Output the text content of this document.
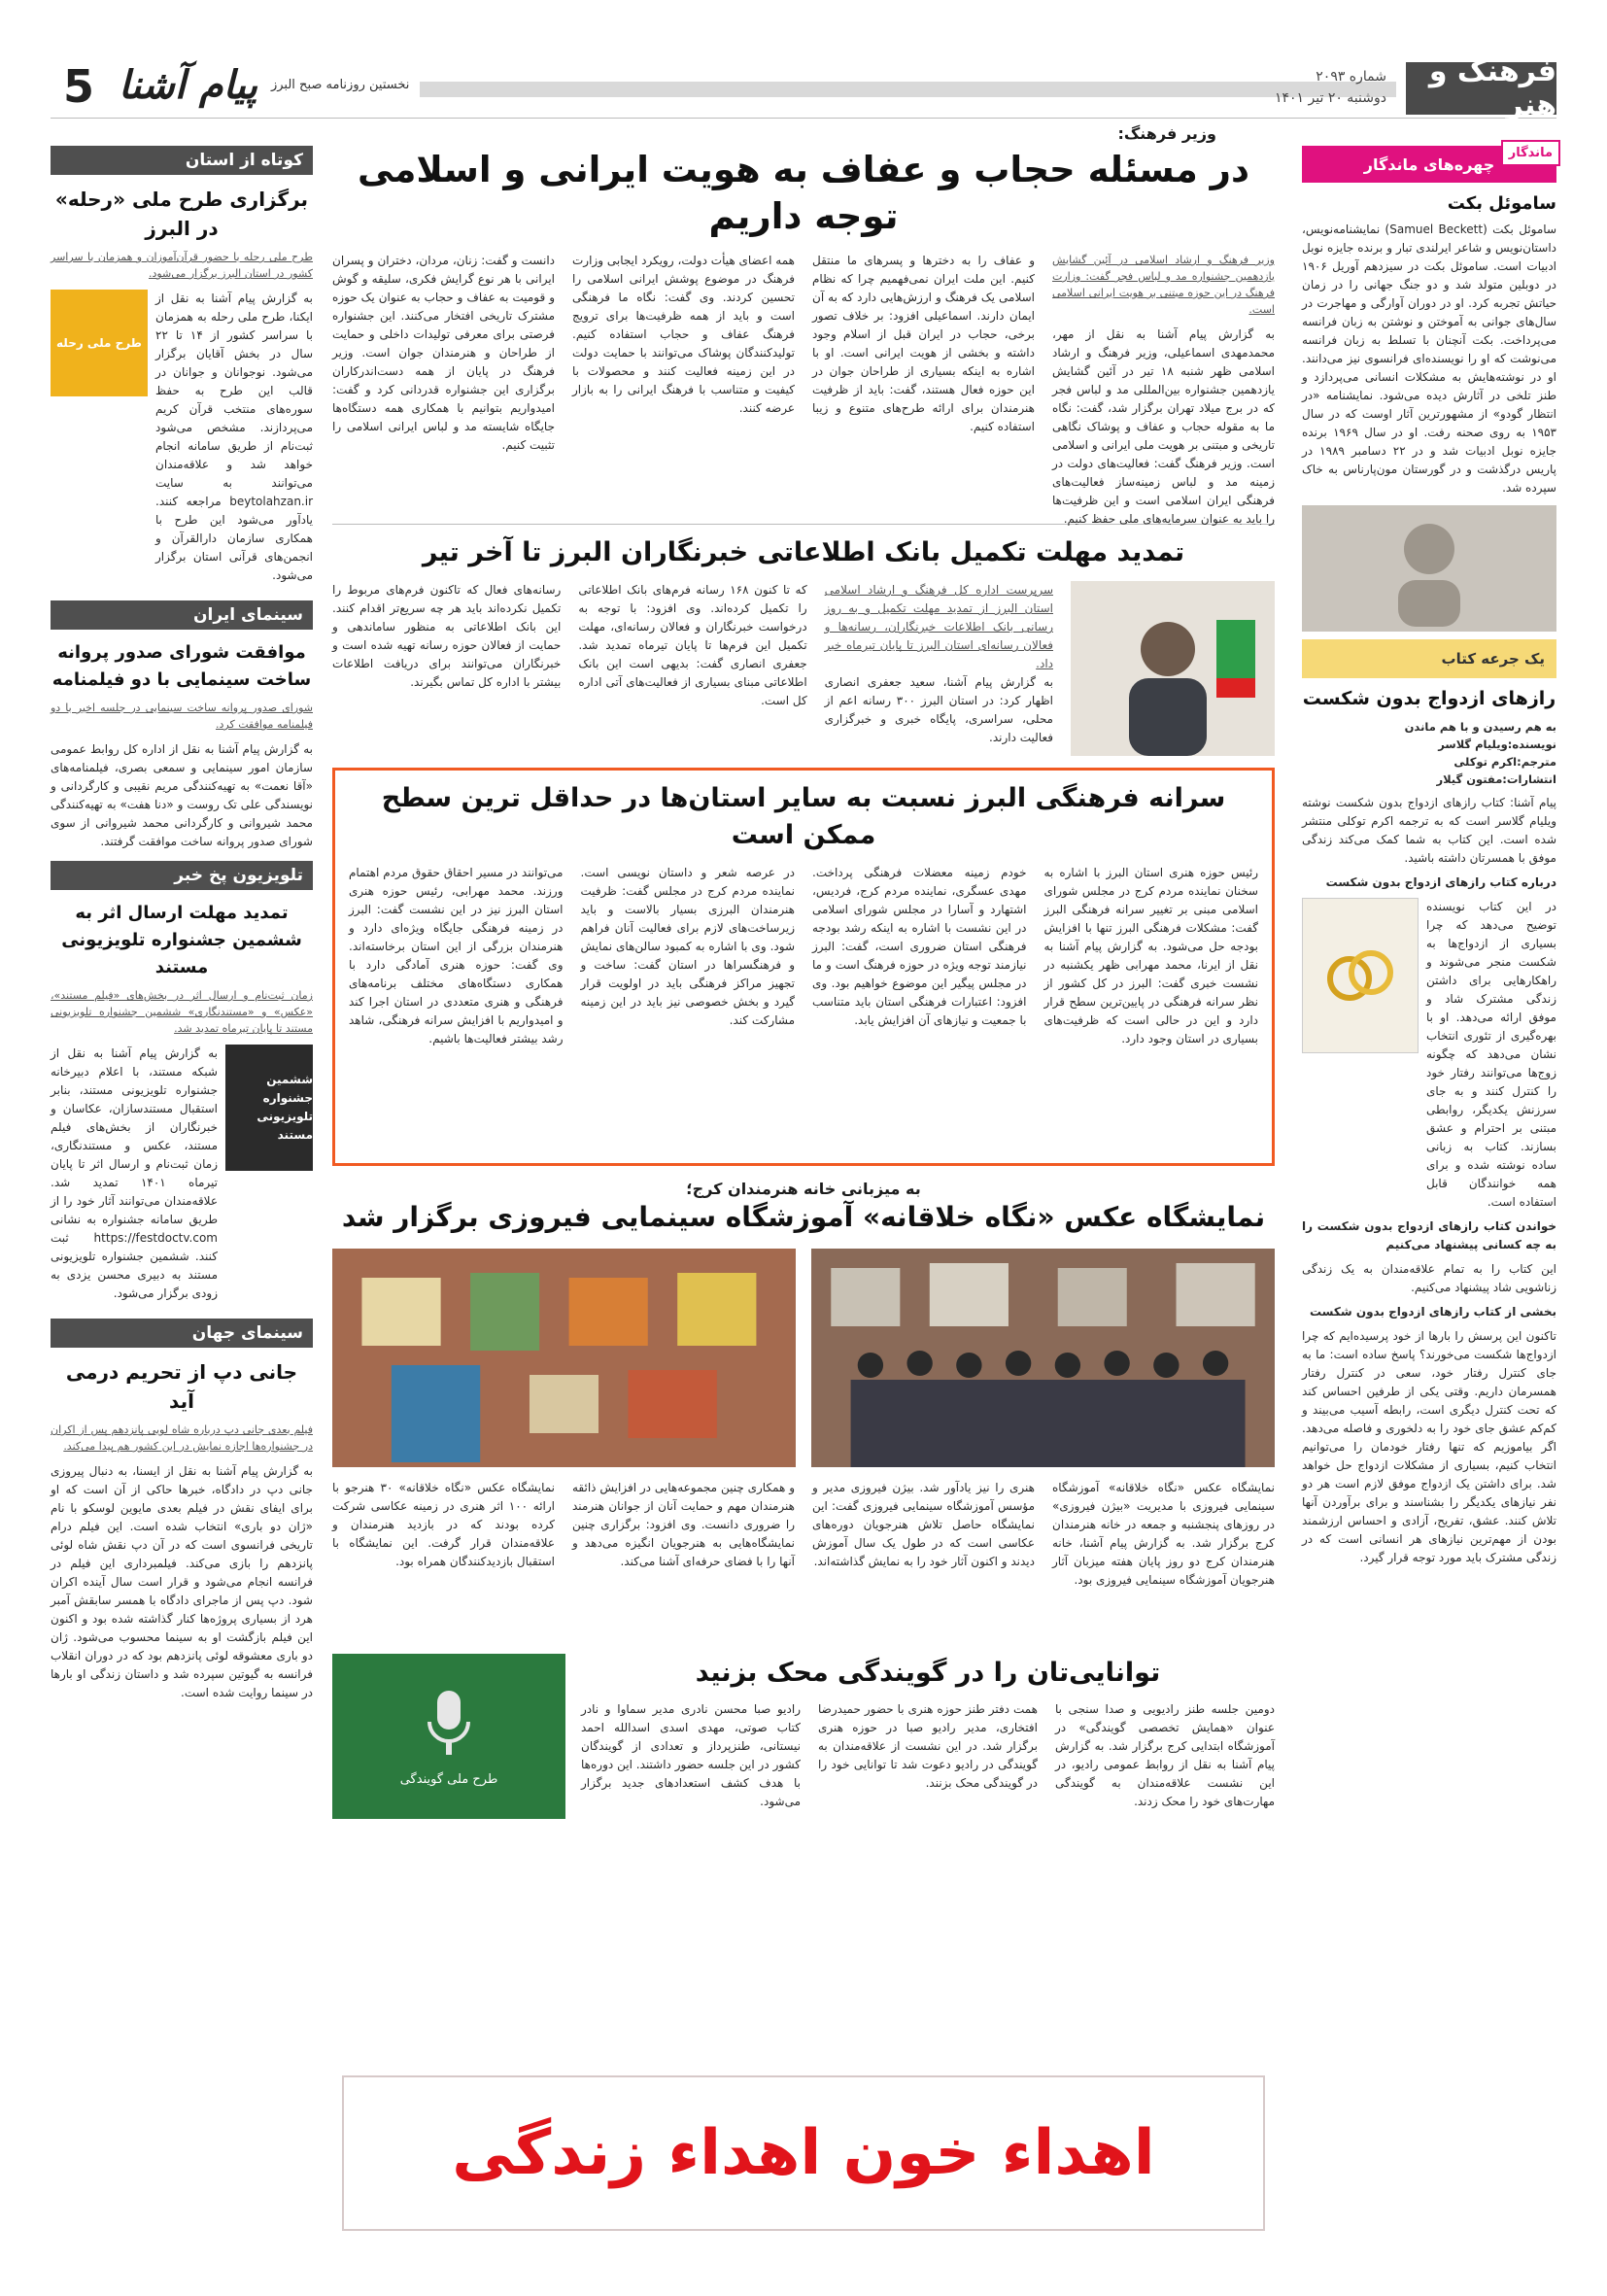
5	نخستین روزنامه صبح البرز
پیام آشنا	شماره ۲۰۹۳
دوشنبه ۲۰ تیر ۱۴۰۱
فرهنگ و هنر
ماندگار
چهره‌های ماندگار
ساموئل بکت

ساموئل بکت (Samuel Beckett) نمایشنامه‌نویس، داستان‌نویس و شاعر ایرلندی تبار و برنده جایزه نوبل ادبیات است. ساموئل بکت در سیزدهم آوریل ۱۹۰۶ در دوبلین متولد شد و دو جنگ جهانی را در زمان حیاتش تجربه کرد. او در دوران آوارگی و مهاجرت در سال‌های جوانی به آموختن و نوشتن به زبان فرانسه می‌پرداخت. بکت آنچنان با تسلط به زبان فرانسه می‌نوشت که او را نویسنده‌ای فرانسوی نیز می‌دانند. او در نوشته‌هایش به مشکلات انسانی می‌پردازد و طنز تلخی در آثارش دیده می‌شود. نمایشنامه «در انتظار گودو» از مشهورترین آثار اوست که در سال ۱۹۵۳ به روی صحنه رفت. او در سال ۱۹۶۹ برنده جایزه نوبل ادبیات شد و در ۲۲ دسامبر ۱۹۸۹ در پاریس درگذشت و در گورستان مون‌پارناس به خاک سپرده شد.

یک جرعه کتاب
رازهای ازدواج بدون شکست

به هم رسیدن و با هم ماندن
نویسنده:ویلیام گلاسر
مترجم:اکرم توکلی
انتشارات:مفتون گیلار

پیام آشنا: کتاب رازهای ازدواج بدون شکست نوشته ویلیام گلاسر است که به ترجمه اکرم توکلی منتشر شده است. این کتاب به شما کمک می‌کند زندگی موفق با همسرتان داشته باشید.

درباره کتاب رازهای ازدواج بدون شکست

در این کتاب نویسنده توضیح می‌دهد که چرا بسیاری از ازدواج‌ها به شکست منجر می‌شوند و راهکارهایی برای داشتن زندگی مشترک شاد و موفق ارائه می‌دهد. او با بهره‌گیری از تئوری انتخاب نشان می‌دهد که چگونه زوج‌ها می‌توانند رفتار خود را کنترل کنند و به جای سرزنش یکدیگر، روابطی مبتنی بر احترام و عشق بسازند. کتاب به زبانی ساده نوشته شده و برای همه خوانندگان قابل استفاده است.

خواندن کتاب رازهای ازدواج بدون شکست را به چه کسانی پیشنهاد می‌کنیم

این کتاب را به تمام علاقه‌مندان به یک زندگی زناشویی شاد پیشنهاد می‌کنیم.

بخشی از کتاب رازهای ازدواج بدون شکست

تاکنون این پرسش را بارها از خود پرسیده‌ایم که چرا ازدواج‌ها شکست می‌خورند؟ پاسخ ساده است: ما به جای کنترل رفتار خود، سعی در کنترل رفتار همسرمان داریم. وقتی یکی از طرفین احساس کند که تحت کنترل دیگری است، رابطه آسیب می‌بیند و کم‌کم عشق جای خود را به دلخوری و فاصله می‌دهد. اگر بیاموزیم که تنها رفتار خودمان را می‌توانیم انتخاب کنیم، بسیاری از مشکلات ازدواج حل خواهد شد. برای داشتن یک ازدواج موفق لازم است هر دو نفر نیازهای یکدیگر را بشناسند و برای برآوردن آنها تلاش کنند. عشق، تفریح، آزادی و احساس ارزشمند بودن از مهم‌ترین نیازهای هر انسانی است که در زندگی مشترک باید مورد توجه قرار گیرد.

کوتاه از استان
برگزاری طرح ملی «رحله» در البرز
طرح ملی رحله با حضور قرآن‌آموزان و همزمان با سراسر کشور در استان البرز برگزار می‌شود.

به گزارش پیام آشنا به نقل از ایکنا، طرح ملی رحله به همزمان با سراسر کشور از ۱۴ تا ۲۲ سال در بخش آقایان برگزار می‌شود. نوجوانان و جوانان در قالب این طرح به حفظ سوره‌های منتخب قرآن کریم می‌پردازند. مشخص می‌شود ثبت‌نام از طریق سامانه انجام خواهد شد و علاقه‌مندان می‌توانند به سایت beytolahzan.ir مراجعه کنند. یادآور می‌شود این طرح با همکاری سازمان دارالقرآن و انجمن‌های قرآنی استان برگزار می‌شود.

طرح ملی رحله
سینمای ایران
موافقت شورای صدور پروانه ساخت سینمایی با دو فیلمنامه
شورای صدور پروانه ساخت سینمایی در جلسه اخیر با دو فیلمنامه موافقت کرد.

به گزارش پیام آشنا به نقل از اداره کل روابط عمومی سازمان امور سینمایی و سمعی بصری، فیلمنامه‌های «آقا نعمت» به تهیه‌کنندگی مریم نقیبی و کارگردانی و نویسندگی علی تک روست و «دنا هفت» به تهیه‌کنندگی محمد شیروانی و کارگردانی محمد شیروانی از سوی شورای صدور پروانه ساخت موافقت گرفتند.

تلویزیون پخ خبر
تمدید مهلت ارسال اثر به ششمین جشنواره تلویزیونی مستند
زمان ثبت‌نام و ارسال اثر در بخش‌های «فیلم مستند»، «عکس» و «مستندنگاری» ششمین جشنواره تلویزیونی مستند تا پایان تیرماه تمدید شد.
ششمین جشنواره تلویزیونی مستند

به گزارش پیام آشنا به نقل از شبکه مستند، با اعلام دبیرخانه جشنواره تلویزیونی مستند، بنابر استقبال مستندسازان، عکاسان و خبرنگاران از بخش‌های فیلم مستند، عکس و مستندنگاری، زمان ثبت‌نام و ارسال اثر تا پایان تیرماه ۱۴۰۱ تمدید شد. علاقه‌مندان می‌توانند آثار خود را از طریق سامانه جشنواره به نشانی https://festdoctv.com ثبت کنند. ششمین جشنواره تلویزیونی مستند به دبیری محسن یزدی به زودی برگزار می‌شود.

سینمای جهان
جانی دپ از تحریم درمی آید
فیلم بعدی جانی دپ درباره شاه لویی پانزدهم پس از اکران در جشنواره‌ها اجازه نمایش در این کشور هم پیدا می‌کند.

به گزارش پیام آشنا به نقل از ایسنا، به دنبال پیروزی جانی دپ در دادگاه، خبرها حاکی از آن است که او برای ایفای نقش در فیلم بعدی مایوین لوسکو با نام «ژان دو باری» انتخاب شده است. این فیلم درام تاریخی فرانسوی است که در آن دپ نقش شاه لوئی پانزدهم را بازی می‌کند. فیلمبرداری این فیلم در فرانسه انجام می‌شود و قرار است سال آینده اکران شود. دپ پس از ماجرای دادگاه با همسر سابقش آمبر هرد از بسیاری پروژه‌ها کنار گذاشته شده بود و اکنون این فیلم بازگشت او به سینما محسوب می‌شود. ژان دو باری معشوقه لوئی پانزدهم بود که در دوران انقلاب فرانسه به گیوتین سپرده شد و داستان زندگی او بارها در سینما روایت شده است.

وزیر فرهنگ:
در مسئله حجاب و عفاف به هویت ایرانی و اسلامی توجه داریم
وزیر فرهنگ و ارشاد اسلامی در آئین گشایش یازدهمین جشنواره مد و لباس فجر گفت: وزارت فرهنگ در این حوزه مبتنی بر هویت ایرانی اسلامی است.

به گزارش پیام آشنا به نقل از مهر، محمدمهدی اسماعیلی، وزیر فرهنگ و ارشاد اسلامی ظهر شنبه ۱۸ تیر در آئین گشایش یازدهمین جشنواره بین‌المللی مد و لباس فجر که در برج میلاد تهران برگزار شد، گفت: نگاه ما به مقوله حجاب و عفاف و پوشاک نگاهی تاریخی و مبتنی بر هویت ملی ایرانی و اسلامی است. وزیر فرهنگ گفت: فعالیت‌های دولت در زمینه مد و لباس زمینه‌ساز فعالیت‌های فرهنگی ایران اسلامی است و این ظرفیت‌ها را باید به عنوان سرمایه‌های ملی حفظ کنیم.

و عفاف را به دخترها و پسرهای ما منتقل کنیم. این ملت ایران نمی‌فهمیم چرا که نظام اسلامی یک فرهنگ و ارزش‌هایی دارد که به آن ایمان دارند. اسماعیلی افزود: بر خلاف تصور برخی، حجاب در ایران قبل از اسلام وجود داشته و بخشی از هویت ایرانی است. او با اشاره به اینکه بسیاری از طراحان جوان در این حوزه فعال هستند، گفت: باید از ظرفیت هنرمندان برای ارائه طرح‌های متنوع و زیبا استفاده کنیم.

همه اعضای هیأت دولت، رویکرد ایجابی وزارت فرهنگ در موضوع پوشش ایرانی اسلامی را تحسین کردند. وی گفت: نگاه ما فرهنگی است و باید از همه ظرفیت‌ها برای ترویج فرهنگ عفاف و حجاب استفاده کنیم. تولیدکنندگان پوشاک می‌توانند با حمایت دولت در این زمینه فعالیت کنند و محصولات با کیفیت و متناسب با فرهنگ ایرانی را به بازار عرضه کنند.

دانست و گفت: زنان، مردان، دختران و پسران ایرانی با هر نوع گرایش فکری، سلیقه و گوش و قومیت به عفاف و حجاب به عنوان یک حوزه مشترک تاریخی افتخار می‌کنند. این جشنواره فرصتی برای معرفی تولیدات داخلی و حمایت از طراحان و هنرمندان جوان است. وزیر فرهنگ در پایان از همه دست‌اندرکاران برگزاری این جشنواره قدردانی کرد و گفت: امیدواریم بتوانیم با همکاری همه دستگاه‌ها جایگاه شایسته مد و لباس ایرانی اسلامی را تثبیت کنیم.

تمدید مهلت تکمیل بانک اطلاعاتی خبرنگاران البرز تا آخر تیر

سرپرست اداره کل فرهنگ و ارشاد اسلامی استان البرز از تمدید مهلت تکمیل و به روز رسانی بانک اطلاعات خبرنگاران، رسانه‌ها و فعالان رسانه‌ای استان البرز تا پایان تیرماه خبر داد.

به گزارش پیام آشنا، سعید جعفری انصاری اظهار کرد: در استان البرز ۳۰۰ رسانه اعم از محلی، سراسری، پایگاه خبری و خبرگزاری فعالیت دارند.

که تا کنون ۱۶۸ رسانه فرم‌های بانک اطلاعاتی را تکمیل کرده‌اند. وی افزود: با توجه به درخواست خبرنگاران و فعالان رسانه‌ای، مهلت تکمیل این فرم‌ها تا پایان تیرماه تمدید شد. جعفری انصاری گفت: بدیهی است این بانک اطلاعاتی مبنای بسیاری از فعالیت‌های آتی اداره کل است.

رسانه‌های فعال که تاکنون فرم‌های مربوط را تکمیل نکرده‌اند باید هر چه سریع‌تر اقدام کنند. این بانک اطلاعاتی به منظور ساماندهی و حمایت از فعالان حوزه رسانه تهیه شده است و خبرنگاران می‌توانند برای دریافت اطلاعات بیشتر با اداره کل تماس بگیرند.

سرانه فرهنگی البرز نسبت به سایر استان‌ها در حداقل ترین سطح ممکن است

رئیس حوزه هنری استان البرز با اشاره به سخنان نماینده مردم کرج در مجلس شورای اسلامی مبنی بر تغییر سرانه فرهنگی البرز گفت: مشکلات فرهنگی البرز تنها با افزایش بودجه حل می‌شود. به گزارش پیام آشنا به نقل از ایرنا، محمد مهرابی ظهر یکشنبه در نشست خبری گفت: البرز در کل کشور از نظر سرانه فرهنگی در پایین‌ترین سطح قرار دارد و این در حالی است که ظرفیت‌های بسیاری در استان وجود دارد.

خودم زمینه معضلات فرهنگی پرداخت. مهدی عسگری، نماینده مردم کرج، فردیس، اشتهارد و آسارا در مجلس شورای اسلامی در این نشست با اشاره به اینکه رشد بودجه فرهنگی استان ضروری است، گفت: البرز نیازمند توجه ویژه در حوزه فرهنگ است و ما در مجلس پیگیر این موضوع خواهیم بود. وی افزود: اعتبارات فرهنگی استان باید متناسب با جمعیت و نیازهای آن افزایش یابد.

در عرصه شعر و داستان نویسی است. نماینده مردم کرج در مجلس گفت: ظرفیت هنرمندان البرزی بسیار بالاست و باید زیرساخت‌های لازم برای فعالیت آنان فراهم شود. وی با اشاره به کمبود سالن‌های نمایش و فرهنگسراها در استان گفت: ساخت و تجهیز مراکز فرهنگی باید در اولویت قرار گیرد و بخش خصوصی نیز باید در این زمینه مشارکت کند.

می‌توانند در مسیر احقاق حقوق مردم اهتمام ورزند. محمد مهرابی، رئیس حوزه هنری استان البرز نیز در این نشست گفت: البرز در زمینه فرهنگی جایگاه ویژه‌ای دارد و هنرمندان بزرگی از این استان برخاسته‌اند. وی گفت: حوزه هنری آمادگی دارد با همکاری دستگاه‌های مختلف برنامه‌های فرهنگی و هنری متعددی در استان اجرا کند و امیدواریم با افزایش سرانه فرهنگی، شاهد رشد بیشتر فعالیت‌ها باشیم.

به میزبانی خانه هنرمندان کرج؛
نمایشگاه عکس «نگاه خلاقانه» آموزشگاه سینمایی فیروزی برگزار شد

نمایشگاه عکس «نگاه خلاقانه» آموزشگاه سینمایی فیروزی با مدیریت «بیژن فیروزی» در روزهای پنجشنبه و جمعه در خانه هنرمندان کرج برگزار شد. به گزارش پیام آشنا، خانه هنرمندان کرج دو روز پایان هفته میزبان آثار هنرجویان آموزشگاه سینمایی فیروزی بود.

هنری را نیز یادآور شد. بیژن فیروزی مدیر و مؤسس آموزشگاه سینمایی فیروزی گفت: این نمایشگاه حاصل تلاش هنرجویان دوره‌های عکاسی است که در طول یک سال آموزش دیدند و اکنون آثار خود را به نمایش گذاشته‌اند.

و همکاری چنین مجموعه‌هایی در افزایش ذائقه هنرمندان مهم و حمایت آنان از جوانان هنرمند را ضروری دانست. وی افزود: برگزاری چنین نمایشگاه‌هایی به هنرجویان انگیزه می‌دهد و آنها را با فضای حرفه‌ای آشنا می‌کند.

نمایشگاه عکس «نگاه خلاقانه» ۳۰ هنرجو با ارائه ۱۰۰ اثر هنری در زمینه عکاسی شرکت کرده بودند که در بازدید هنرمندان و علاقه‌مندان قرار گرفت. این نمایشگاه با استقبال بازدیدکنندگان همراه بود.

توانایی‌تان را در گویندگی محک بزنید

دومین جلسه طنز رادیویی و صدا سنجی با عنوان «همایش تخصصی گویندگی» در آموزشگاه ابتدایی کرج برگزار شد. به گزارش پیام آشنا به نقل از روابط عمومی رادیو، در این نشست علاقه‌مندان به گویندگی مهارت‌های خود را محک زدند.

همت دفتر طنز حوزه هنری با حضور حمیدرضا افتخاری، مدیر رادیو صبا در حوزه هنری برگزار شد. در این نشست از علاقه‌مندان به گویندگی در رادیو دعوت شد تا توانایی خود را در گویندگی محک بزنند.

رادیو صبا محسن نادری مدیر سماوا و نادر کتاب صوتی، مهدی اسدی اسدالله احمد نیستانی، طنزپرداز و تعدادی از گویندگان کشور در این جلسه حضور داشتند. این دوره‌ها با هدف کشف استعدادهای جدید برگزار می‌شود.

طرح ملی گویندگی
اهداء خون اهداء زندگی
